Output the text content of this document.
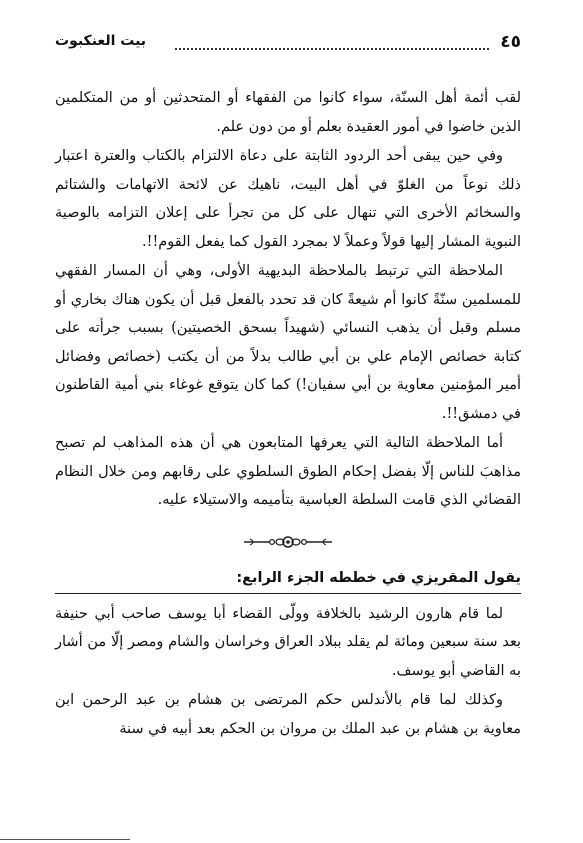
٤٥
بيت العنكبوت

لقب أئمة أهل السنّة، سواء كانوا من الفقهاء أو المتحدثين أو من المتكلمين الذين خاضوا في أمور العقيدة بعلم أو من دون علم.

وفي حين يبقى أحد الردود الثابتة على دعاة الالتزام بالكتاب والعترة اعتبار ذلك نوعاً من الغلوّ في أهل البيت، ناهيك عن لائحة الاتهامات والشتائم والسخائم الأخرى التي تنهال على كل من تجرأ على إعلان التزامه بالوصية النبوية المشار إليها قولاً وعملاً لا بمجرد القول كما يفعل القوم!!.

الملاحظة التي ترتبط بالملاحظة البديهية الأولى، وهي أن المسار الفقهي للمسلمين سنّةً كانوا أم شيعةً كان قد تحدد بالفعل قبل أن يكون هناك بخاري أو مسلم وقبل أن يذهب النسائي (شهيداً بسحق الخصيتين) بسبب جرأته على كتابة خصائص الإمام علي بن أبي طالب بدلاً من أن يكتب (خصائص وفضائل أمير المؤمنين معاوية بن أبي سفيان!) كما كان يتوقع غوغاء بني أمية القاطنون في دمشق!!.

أما الملاحظة التالية التي يعرفها المتابعون هي أن هذه المذاهب لم تصبح مذاهبَ للناس إلّا بفضل إحكام الطوق السلطوي على رقابهم ومن خلال النظام القضائي الذي قامت السلطة العباسية بتأميمه والاستيلاء عليه.

يقول المقريزي في خططه الجزء الرابع:

لما قام هارون الرشيد بالخلافة وولّى القضاء أبا يوسف صاحب أبي حنيفة بعد سنة سبعين ومائة لم يقلد ببلاد العراق وخراسان والشام ومصر إلّا من أشار به القاضي أبو يوسف.

وكذلك لما قام بالأندلس حكم المرتضى بن هشام بن عبد الرحمن ابن معاوية بن هشام بن عبد الملك بن مروان بن الحكم بعد أبيه في سنة
